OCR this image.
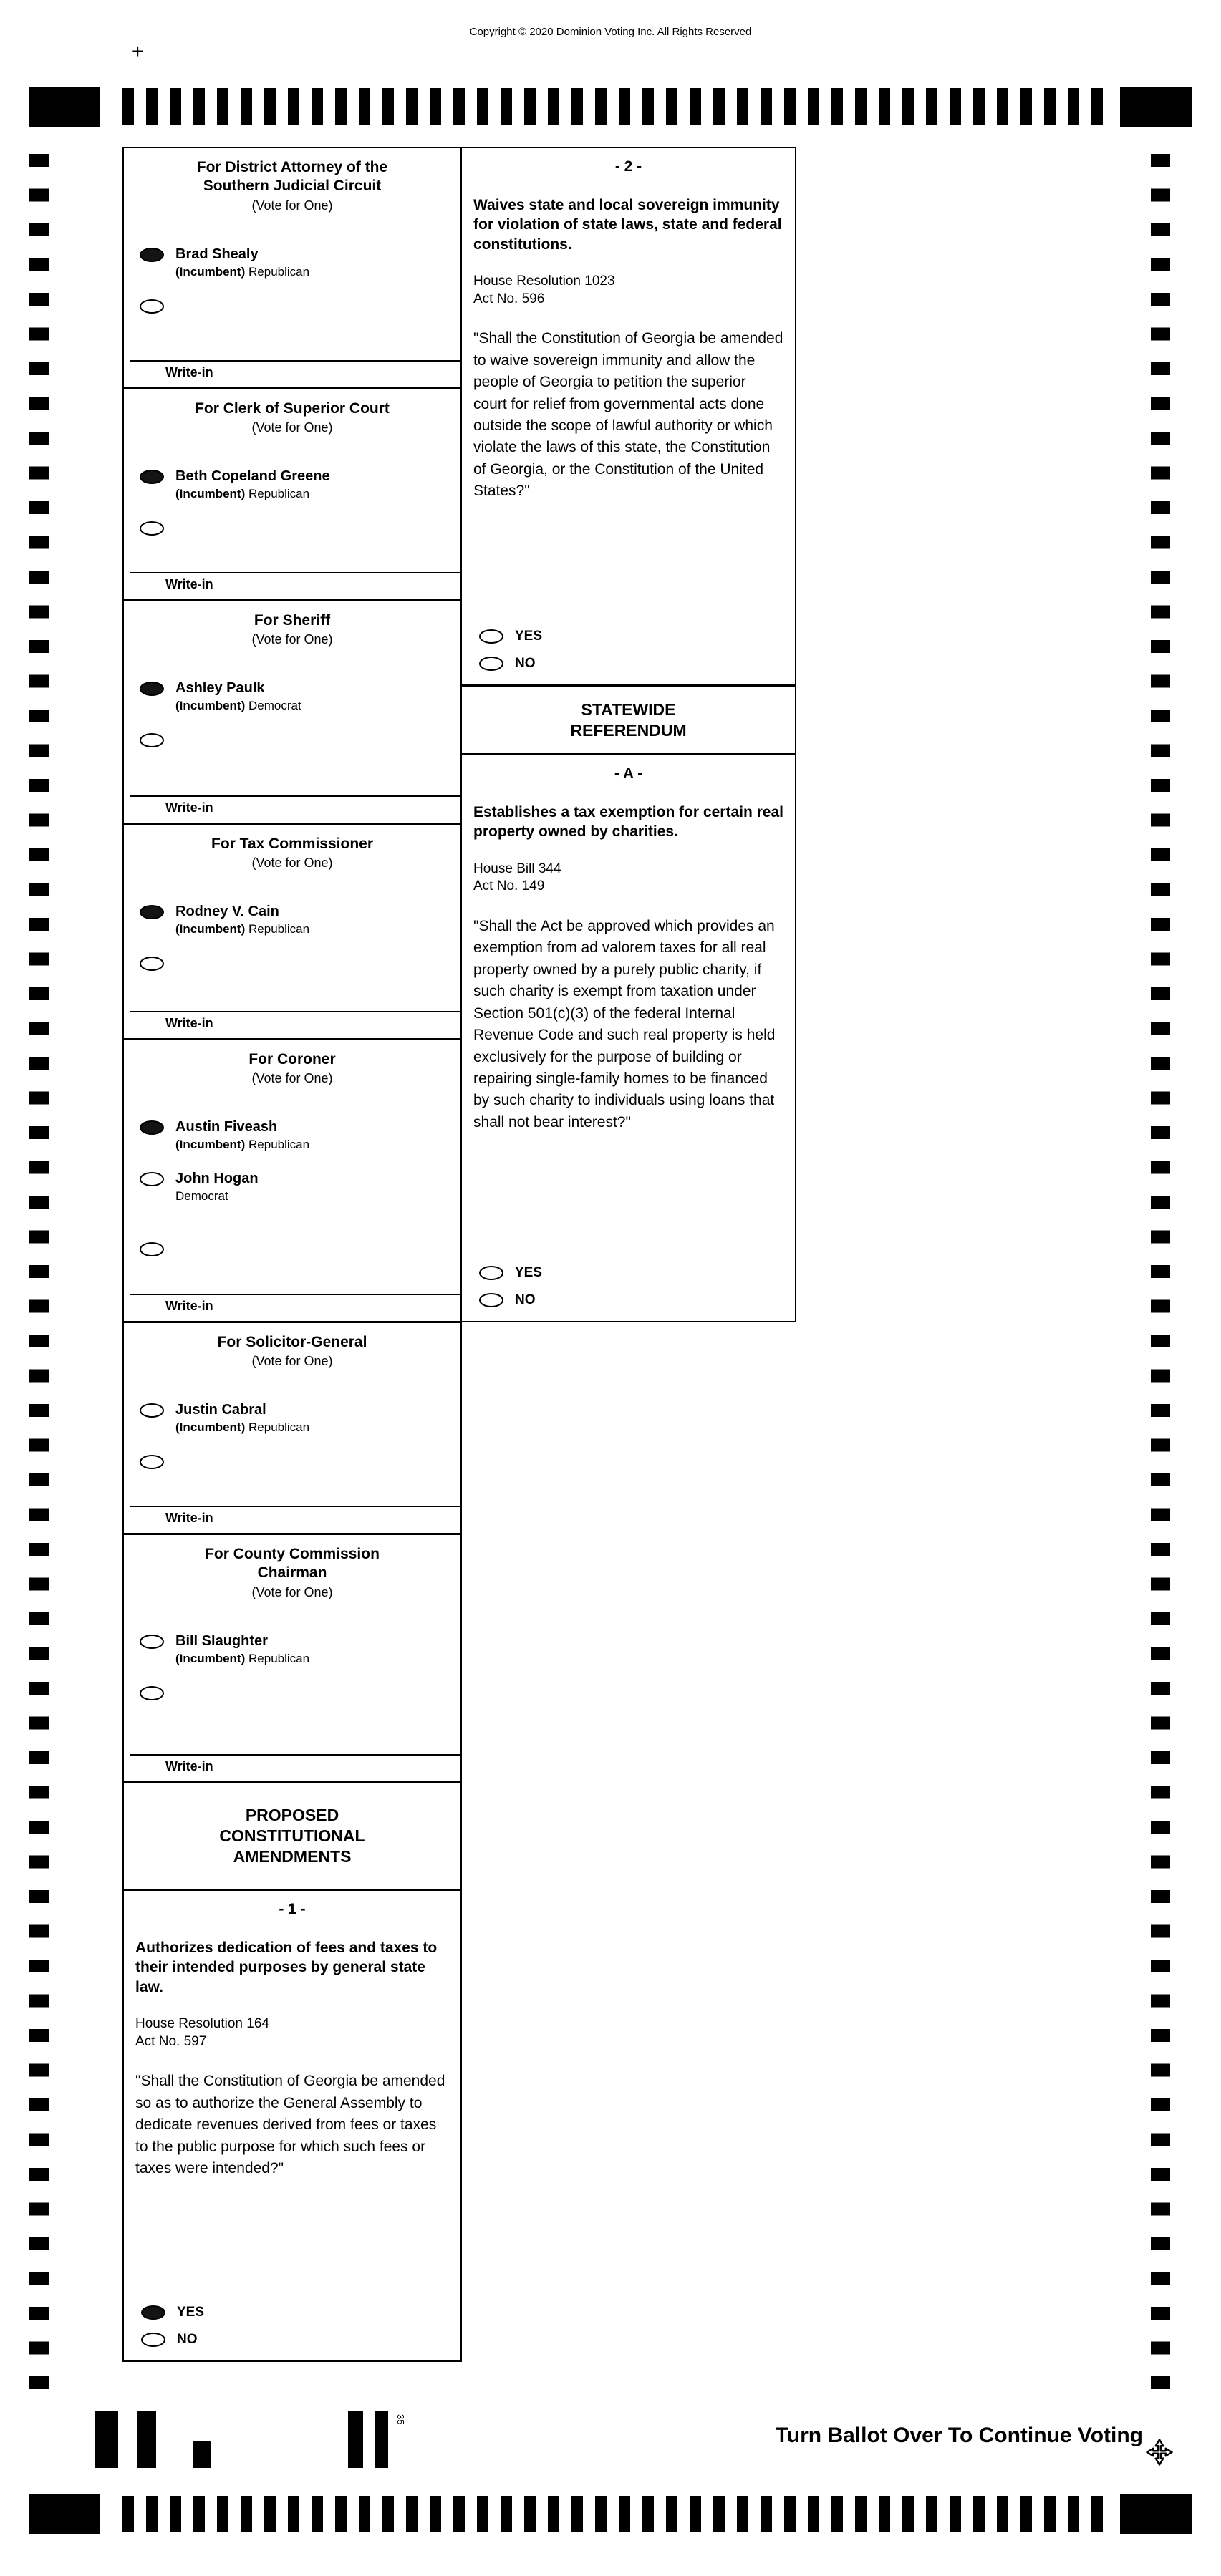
Copyright © 2020 Dominion Voting Inc. All Rights Reserved
+
For District Attorney of the Southern Judicial Circuit
(Vote for One)
Brad Shealy
(Incumbent) Republican
Write-in
For Clerk of Superior Court
(Vote for One)
Beth Copeland Greene
(Incumbent) Republican
Write-in
For Sheriff
(Vote for One)
Ashley Paulk
(Incumbent) Democrat
Write-in
For Tax Commissioner
(Vote for One)
Rodney V. Cain
(Incumbent) Republican
Write-in
For Coroner
(Vote for One)
Austin Fiveash
(Incumbent) Republican
John Hogan
Democrat
Write-in
For Solicitor-General
(Vote for One)
Justin Cabral
(Incumbent) Republican
Write-in
For County Commission Chairman
(Vote for One)
Bill Slaughter
(Incumbent) Republican
Write-in
PROPOSED CONSTITUTIONAL AMENDMENTS
- 1 -
Authorizes dedication of fees and taxes to their intended purposes by general state law.
House Resolution 164
Act No. 597
"Shall the Constitution of Georgia be amended so as to authorize the General Assembly to dedicate revenues derived from fees or taxes to the public purpose for which such fees or taxes were intended?"
YES
NO
- 2 -
Waives state and local sovereign immunity for violation of state laws, state and federal constitutions.
House Resolution 1023
Act No. 596
"Shall the Constitution of Georgia be amended to waive sovereign immunity and allow the people of Georgia to petition the superior court for relief from governmental acts done outside the scope of lawful authority or which violate the laws of this state, the Constitution of Georgia, or the Constitution of the United States?"
YES
NO
STATEWIDE REFERENDUM
- A -
Establishes a tax exemption for certain real property owned by charities.
House Bill 344
Act No. 149
"Shall the Act be approved which provides an exemption from ad valorem taxes for all real property owned by a purely public charity, if such charity is exempt from taxation under Section 501(c)(3) of the federal Internal Revenue Code and such real property is held exclusively for the purpose of building or repairing single-family homes to be financed by such charity to individuals using loans that shall not bear interest?"
YES
NO
35
Turn Ballot Over To Continue Voting
